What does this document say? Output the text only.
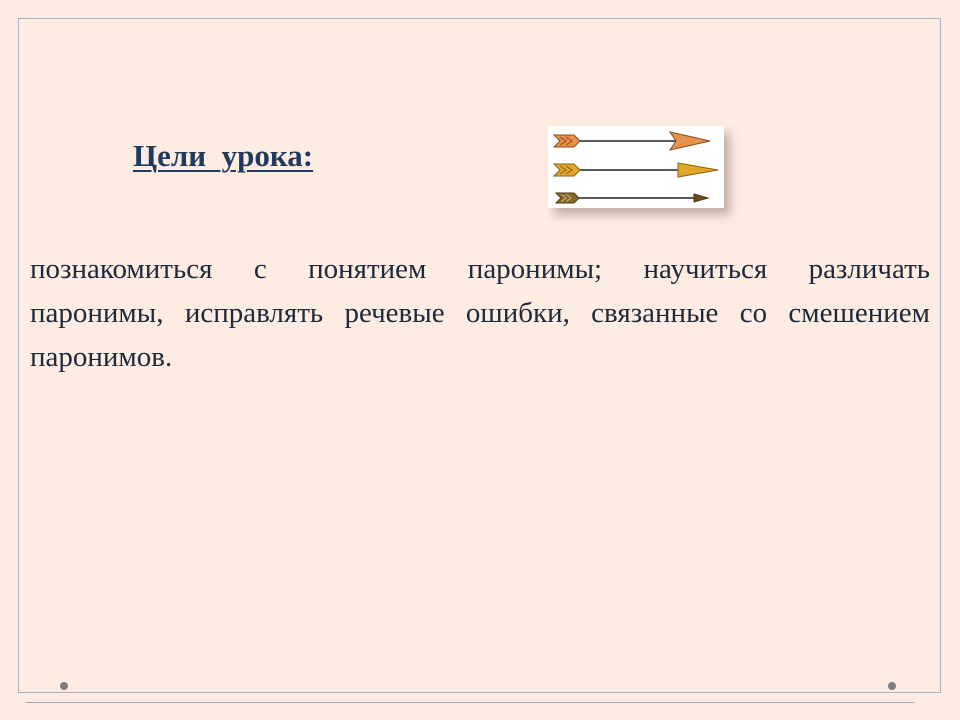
Цели  урока:

познакомиться с понятием паронимы; научиться различать паронимы, исправлять речевые ошибки, связанные со смешением паронимов.
